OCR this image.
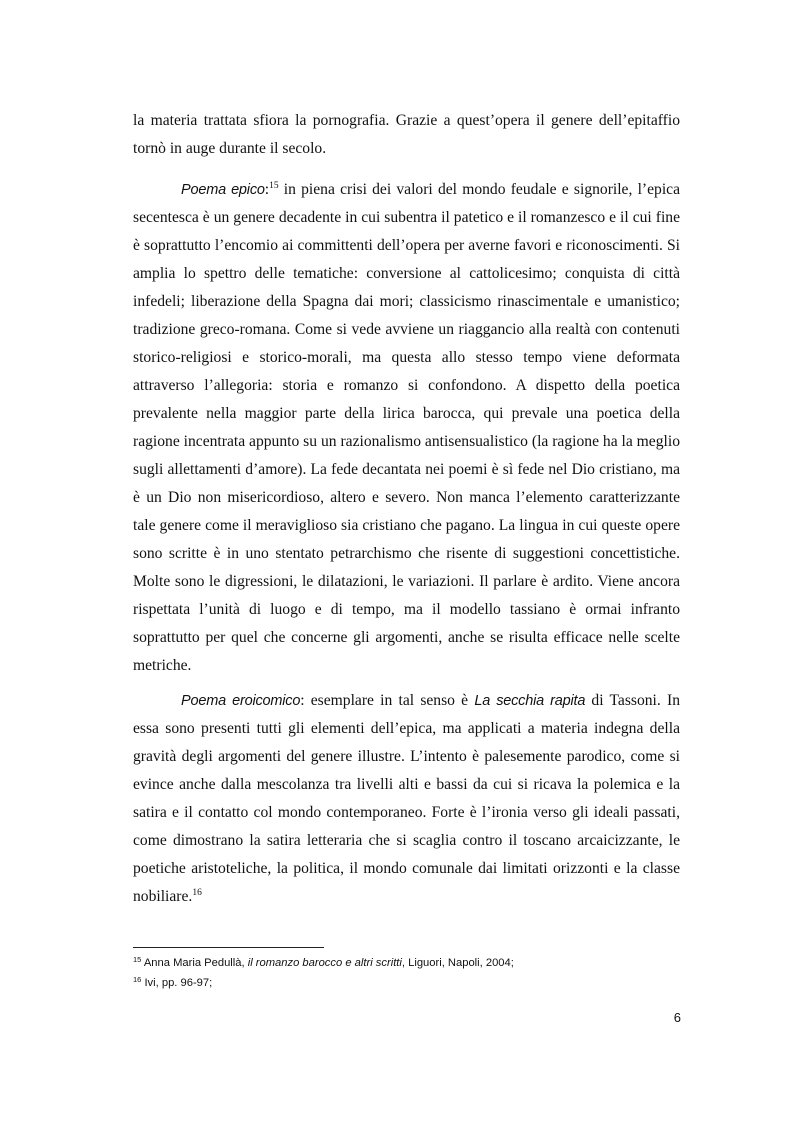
la materia trattata sfiora la pornografia. Grazie a quest’opera il genere dell’epitaffio tornò in auge durante il secolo.

Poema epico:$^{15}$ in piena crisi dei valori del mondo feudale e signorile, l’epica secentesca è un genere decadente in cui subentra il patetico e il romanzesco e il cui fine è soprattutto l’encomio ai committenti dell’opera per averne favori e riconoscimenti. Si amplia lo spettro delle tematiche: conversione al cattolicesimo; conquista di città infedeli; liberazione della Spagna dai mori; classicismo rinascimentale e umanistico; tradizione greco-romana. Come si vede avviene un riaggancio alla realtà con contenuti storico-religiosi e storico-morali, ma questa allo stesso tempo viene deformata attraverso l’allegoria: storia e romanzo si confondono. A dispetto della poetica prevalente nella maggior parte della lirica barocca, qui prevale una poetica della ragione incentrata appunto su un razionalismo antisensualistico (la ragione ha la meglio sugli allettamenti d’amore). La fede decantata nei poemi è sì fede nel Dio cristiano, ma è un Dio non misericordioso, altero e severo. Non manca l’elemento caratterizzante tale genere come il meraviglioso sia cristiano che pagano. La lingua in cui queste opere sono scritte è in uno stentato petrarchismo che risente di suggestioni concettistiche. Molte sono le digressioni, le dilatazioni, le variazioni. Il parlare è ardito. Viene ancora rispettata l’unità di luogo e di tempo, ma il modello tassiano è ormai infranto soprattutto per quel che concerne gli argomenti, anche se risulta efficace nelle scelte metriche.

Poema eroicomico: esemplare in tal senso è La secchia rapita di Tassoni. In essa sono presenti tutti gli elementi dell’epica, ma applicati a materia indegna della gravità degli argomenti del genere illustre. L’intento è palesemente parodico, come si evince anche dalla mescolanza tra livelli alti e bassi da cui si ricava la polemica e la satira e il contatto col mondo contemporaneo. Forte è l’ironia verso gli ideali passati, come dimostrano la satira letteraria che si scaglia contro il toscano arcaicizzante, le poetiche aristoteliche, la politica, il mondo comunale dai limitati orizzonti e la classe nobiliare.$^{16}$

$^{15}$ Anna Maria Pedullà, il romanzo barocco e altri scritti, Liguori, Napoli, 2004;

$^{16}$ Ivi, pp. 96-97;

6
